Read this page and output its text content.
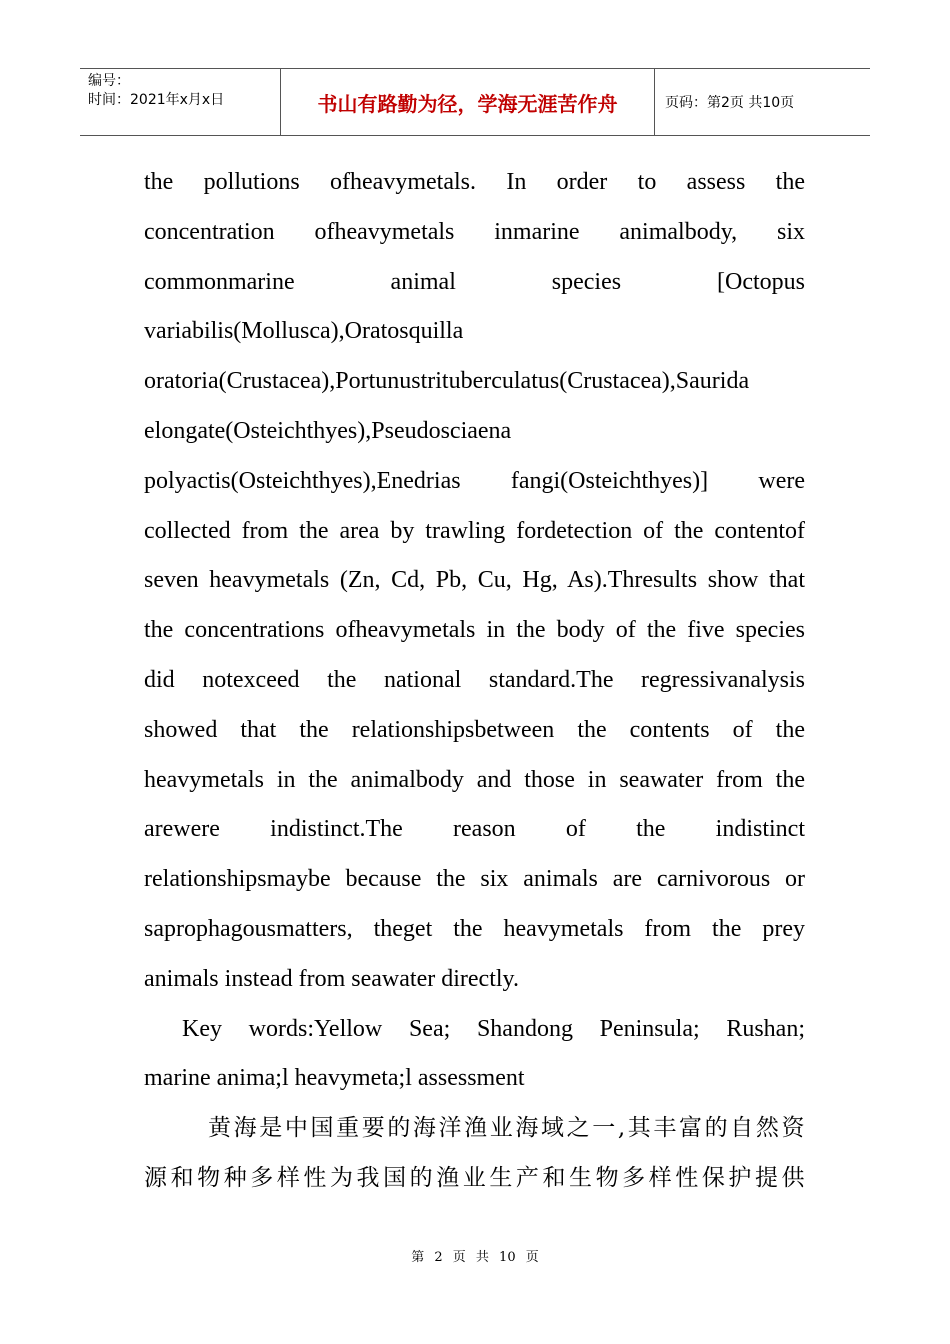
编号：
时间：2021年x月x日	书山有路勤为径，学海无涯苦作舟	页码：第2页 共10页
the pollutions ofheavymetals. In order to assess the
concentration ofheavymetals inmarine animalbody, six
commonmarine animal species [Octopus
variabilis(Mollusca),Oratosquilla
oratoria(Crustacea),Portunustrituberculatus(Crustacea),Saurida
elongate(Osteichthyes),Pseudosciaena
polyactis(Osteichthyes),Enedrias fangi(Osteichthyes)] were
collected from the area by trawling fordetection of the contentof
seven heavymetals (Zn, Cd, Pb, Cu, Hg, As).Thresults show that
the concentrations ofheavymetals in the body of the five species
did notexceed the national standard.The regressivanalysis
showed that the relationshipsbetween the contents of the
heavymetals in the animalbody and those in seawater from the
arewere indistinct.The reason of the indistinct
relationshipsmaybe because the six animals are carnivorous or
saprophagousmatters, theget the heavymetals from the prey
animals instead from seawater directly.
Key words:Yellow Sea; Shandong Peninsula; Rushan;
marine anima;l heavymeta;l assessment
黄海是中国重要的海洋渔业海域之一,其丰富的自然资
源和物种多样性为我国的渔业生产和生物多样性保护提供
第 2 页 共 10 页
